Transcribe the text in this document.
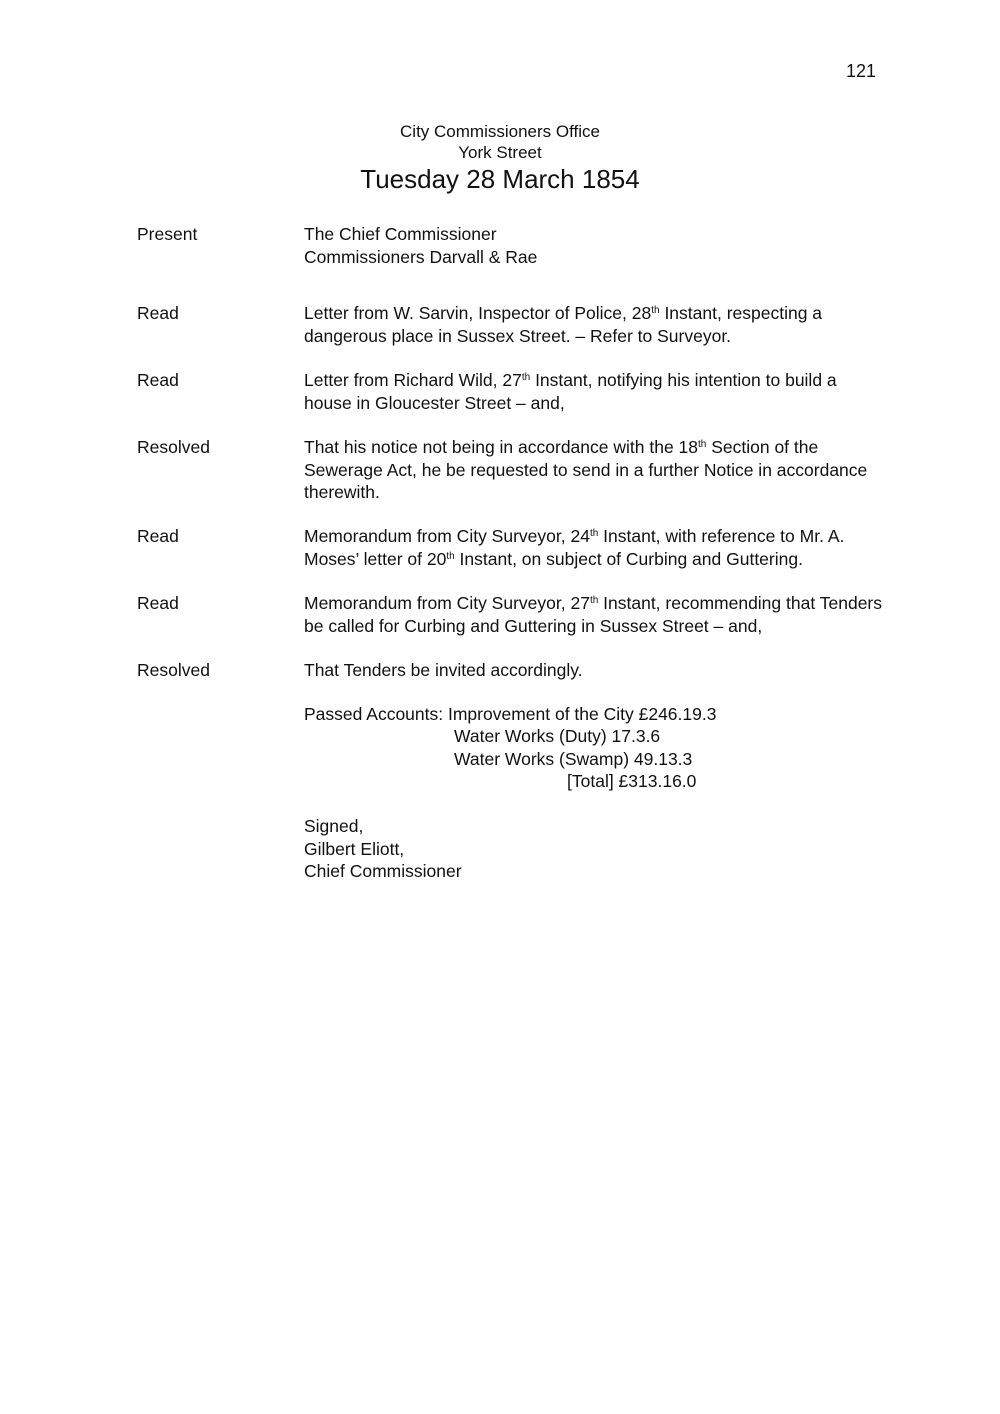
121
City Commissioners Office
York Street
Tuesday 28 March 1854
Present	The Chief Commissioner
Commissioners Darvall & Rae
Read	Letter from W. Sarvin, Inspector of Police, 28th Instant, respecting a
dangerous place in Sussex Street. – Refer to Surveyor.
Read	Letter from Richard Wild, 27th Instant, notifying his intention to build a
house in Gloucester Street – and,
Resolved	That his notice not being in accordance with the 18th Section of the
Sewerage Act, he be requested to send in a further Notice in accordance
therewith.
Read	Memorandum from City Surveyor, 24th Instant, with reference to Mr. A.
Moses’ letter of 20th Instant, on subject of Curbing and Guttering.
Read	Memorandum from City Surveyor, 27th Instant, recommending that Tenders
be called for Curbing and Guttering in Sussex Street – and,
Resolved	That Tenders be invited accordingly.
Passed Accounts: Improvement of the City £246.19.3
Water Works (Duty) 17.3.6
Water Works (Swamp) 49.13.3
[Total] £313.16.0
Signed,
Gilbert Eliott,
Chief Commissioner
